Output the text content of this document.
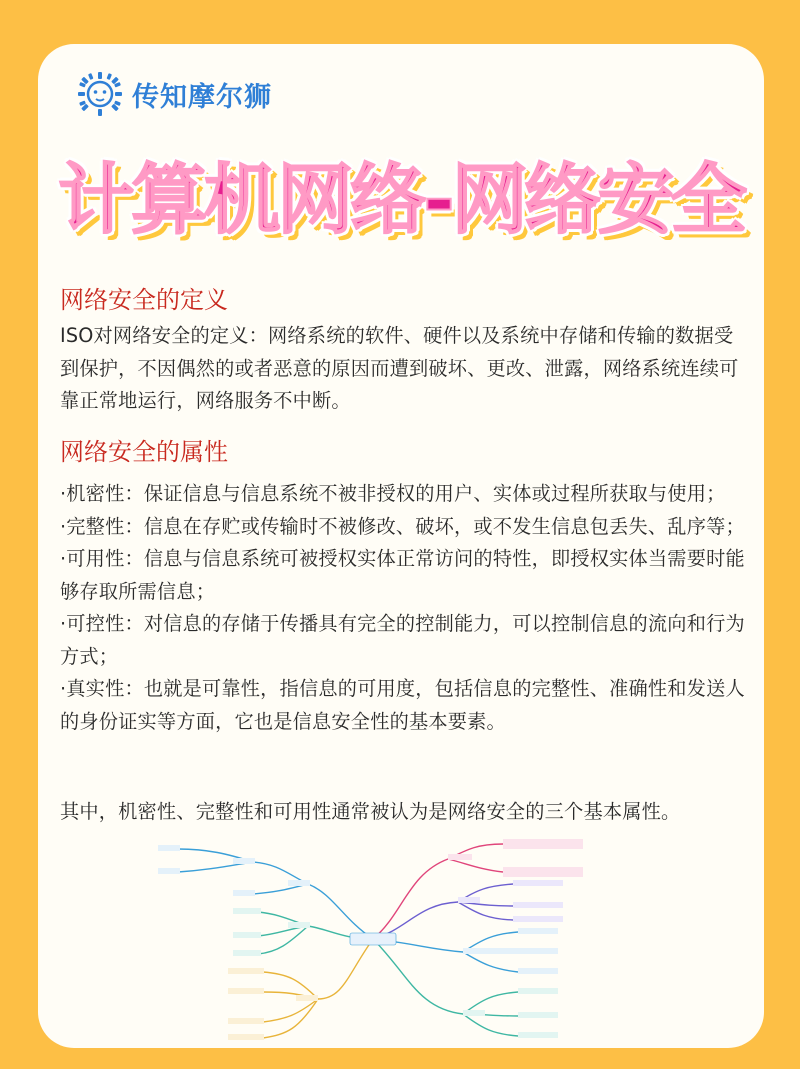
传知摩尔狮
计算机网络-网络安全
网络安全的定义
ISO对网络安全的定义：网络系统的软件、硬件以及系统中存储和传输的数据受到保护，不因偶然的或者恶意的原因而遭到破坏、更改、泄露，网络系统连续可靠正常地运行，网络服务不中断。
网络安全的属性

·机密性：保证信息与信息系统不被非授权的用户、实体或过程所获取与使用；

·完整性：信息在存贮或传输时不被修改、破坏，或不发生信息包丢失、乱序等；

·可用性：信息与信息系统可被授权实体正常访问的特性，即授权实体当需要时能够存取所需信息；

·可控性：对信息的存储于传播具有完全的控制能力，可以控制信息的流向和行为方式；

·真实性：也就是可靠性，指信息的可用度，包括信息的完整性、准确性和发送人的身份证实等方面，它也是信息安全性的基本要素。

其中，机密性、完整性和可用性通常被认为是网络安全的三个基本属性。
